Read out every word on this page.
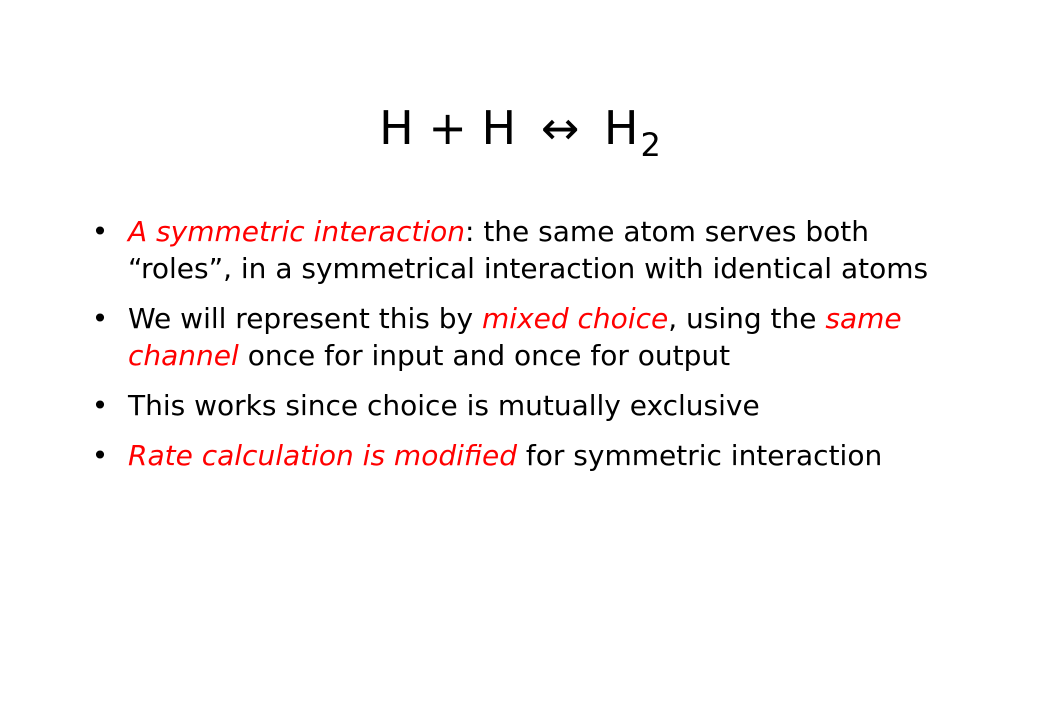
H + H ↔ $H_2$
• A symmetric interaction: the same atom serves both “roles”, in a symmetrical interaction with identical atoms
• We will represent this by mixed choice, using the same channel once for input and once for output
• This works since choice is mutually exclusive
• Rate calculation is modified for symmetric interaction
